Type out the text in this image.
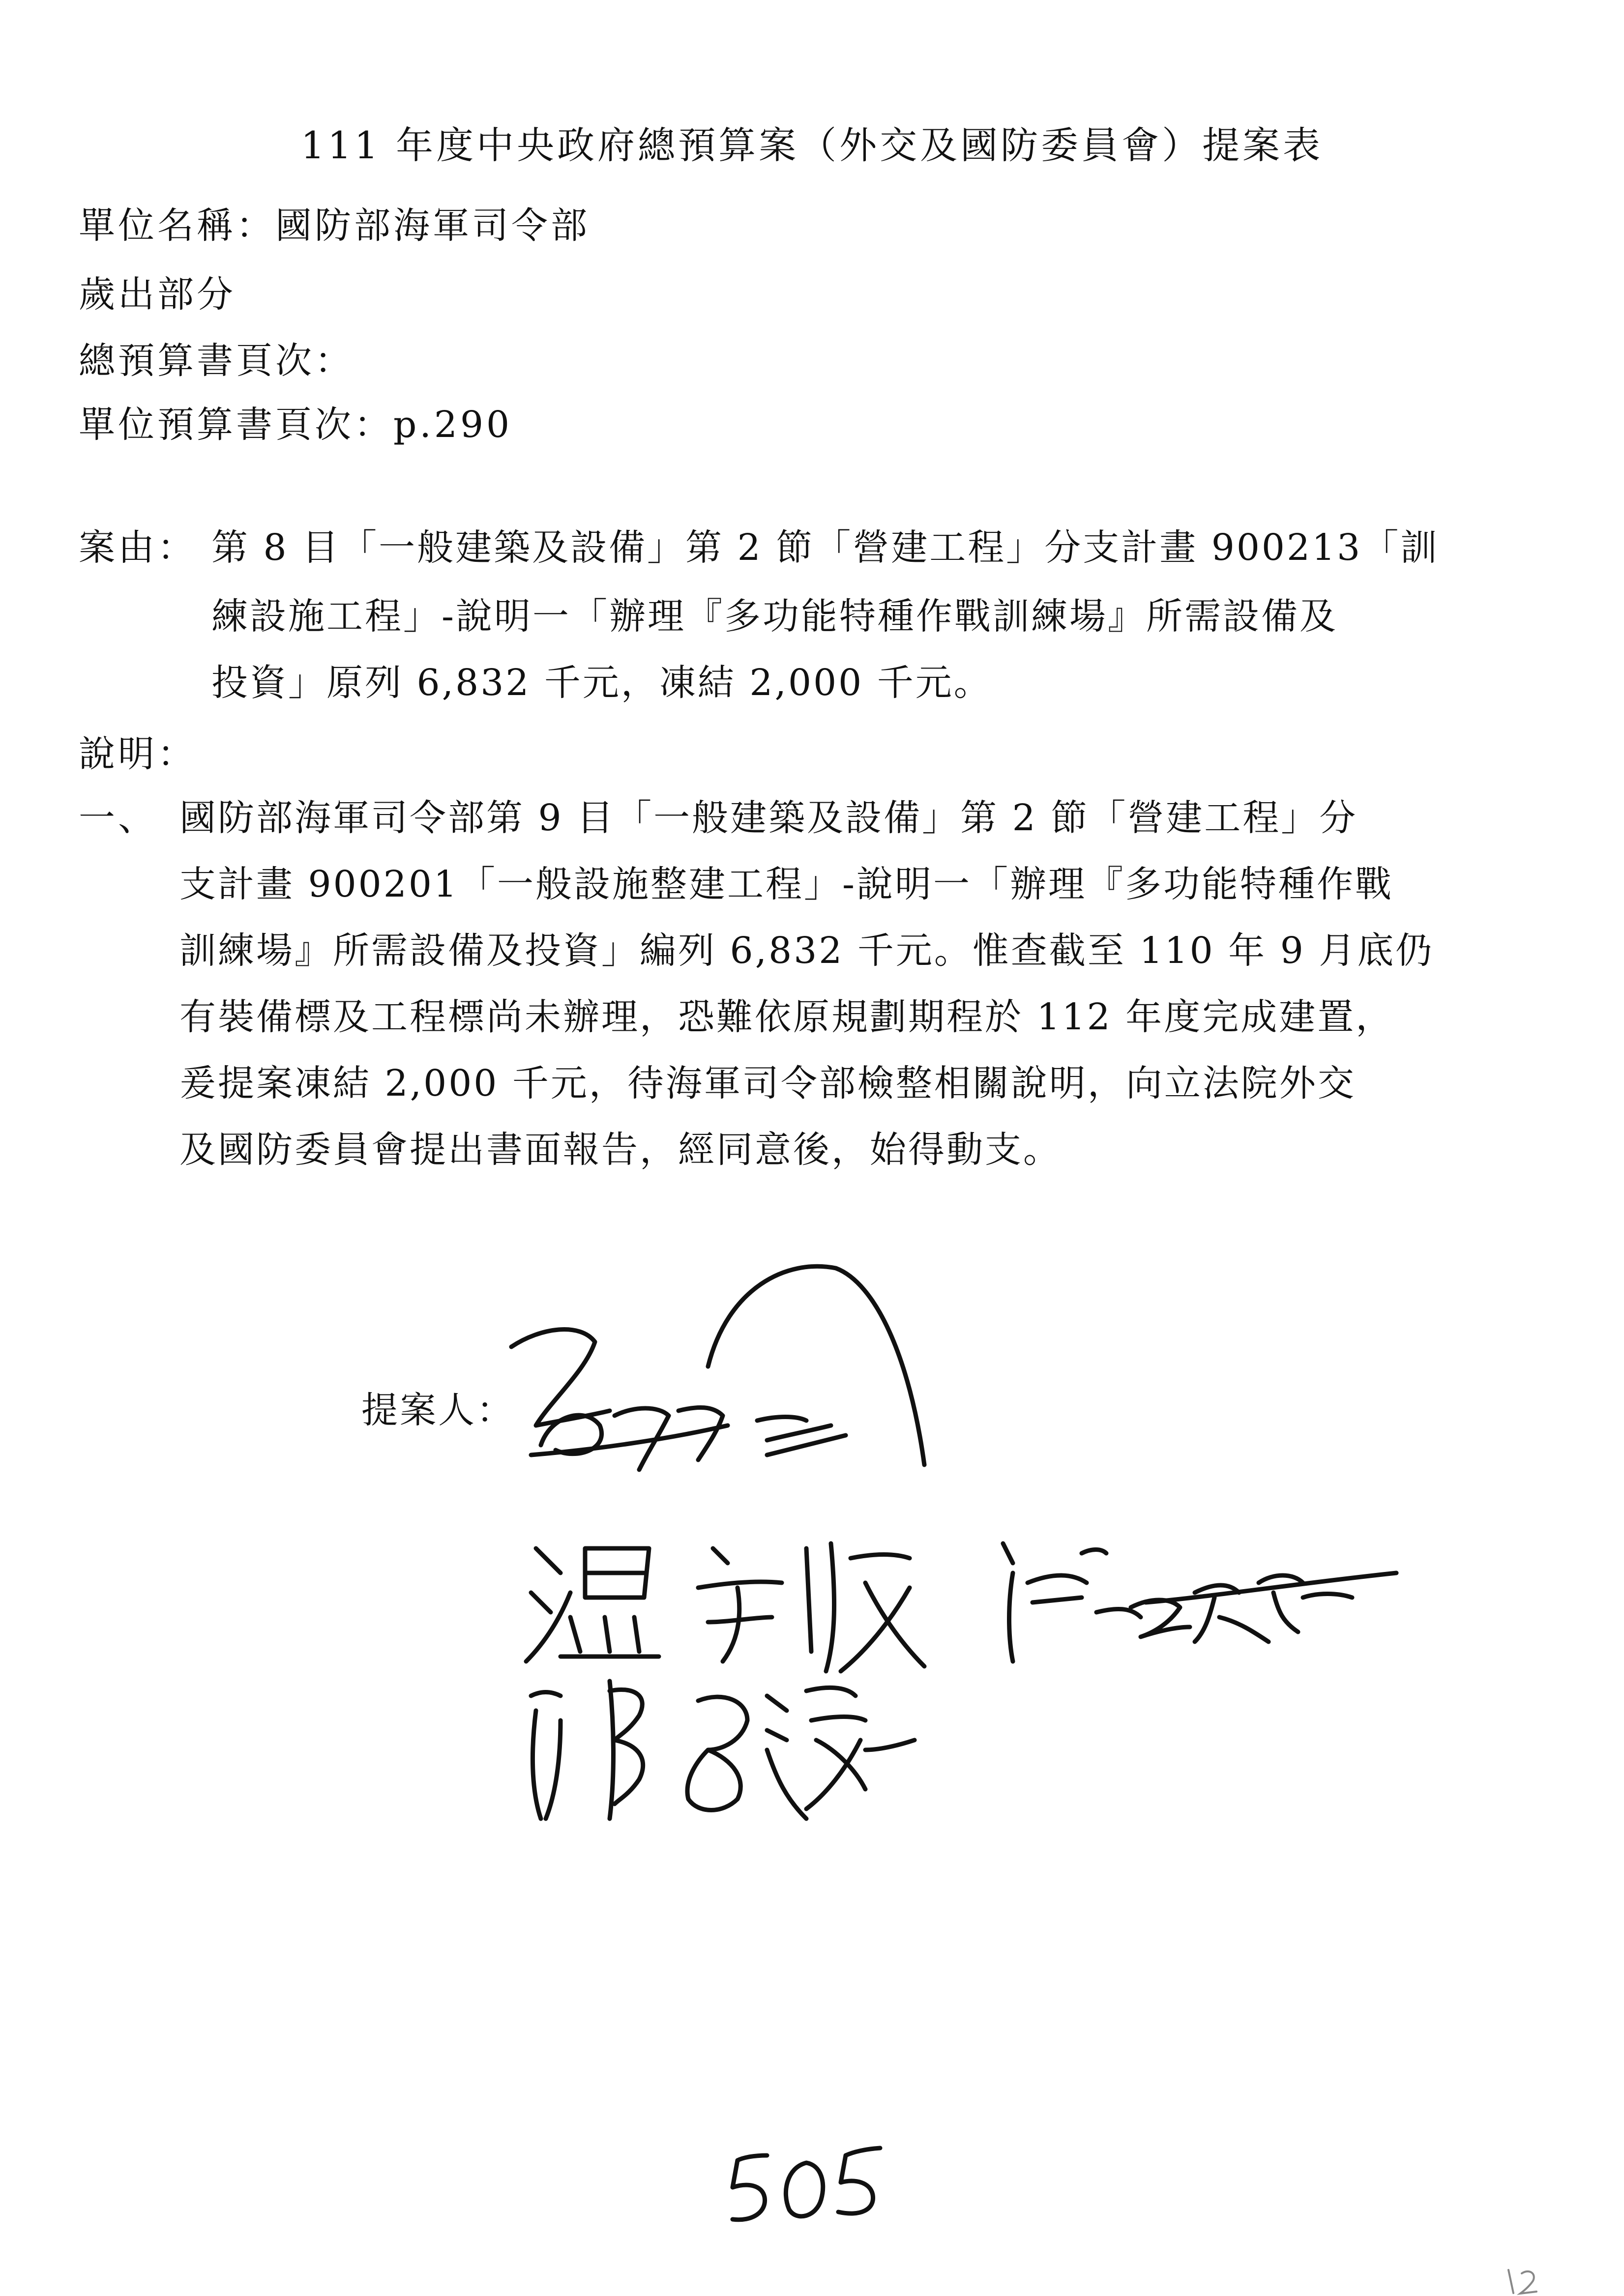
111 年度中央政府總預算案（外交及國防委員會）提案表
單位名稱：國防部海軍司令部
歲出部分
總預算書頁次：
單位預算書頁次：p.290
案由： 第 8 目「一般建築及設備」第 2 節「營建工程」分支計畫 900213「訓
練設施工程」-說明一「辦理『多功能特種作戰訓練場』所需設備及
投資」原列 6,832 千元，凍結 2,000 千元。
說明：
一、 國防部海軍司令部第 9 目「一般建築及設備」第 2 節「營建工程」分
支計畫 900201「一般設施整建工程」-說明一「辦理『多功能特種作戰
訓練場』所需設備及投資」編列 6,832 千元。惟查截至 110 年 9 月底仍
有裝備標及工程標尚未辦理，恐難依原規劃期程於 112 年度完成建置，
爰提案凍結 2,000 千元，待海軍司令部檢整相關說明，向立法院外交
及國防委員會提出書面報告，經同意後，始得動支。
提案人：
